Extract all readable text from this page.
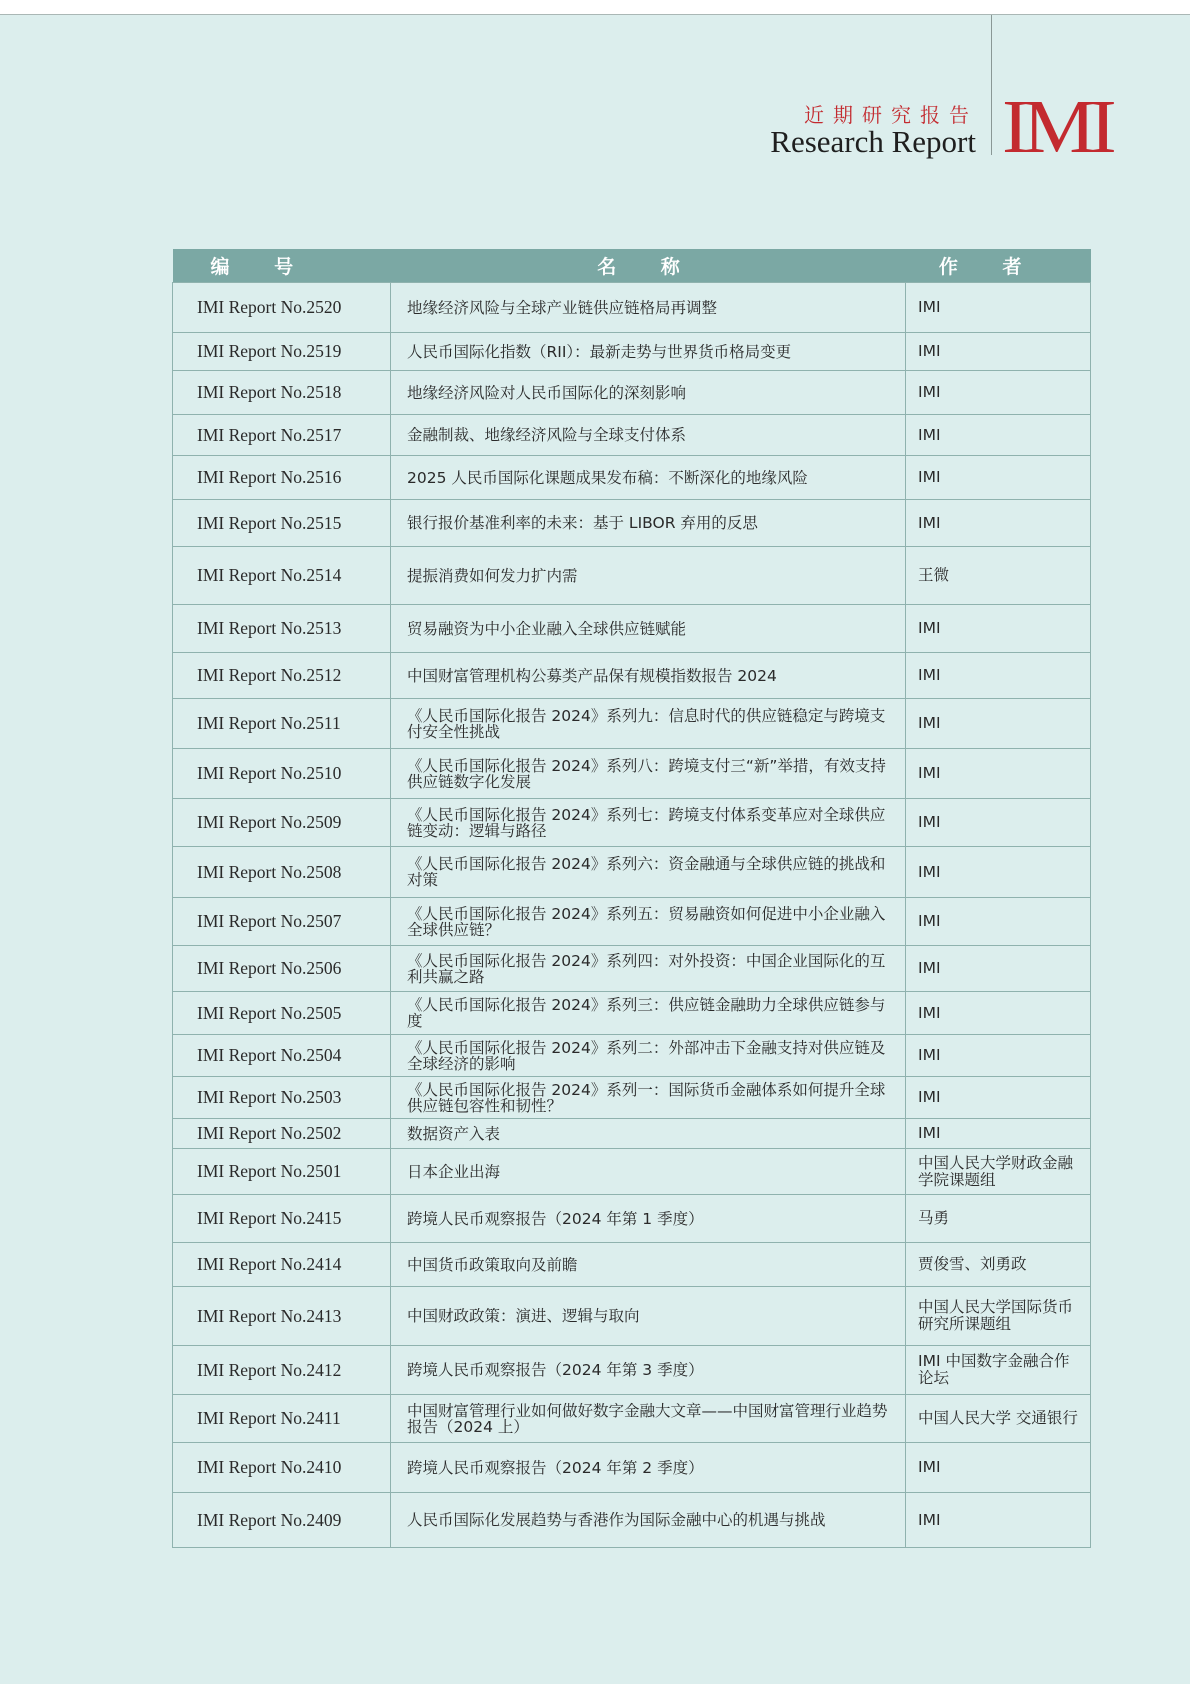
近期研究报告
Research Report IMI
编 号	名 称	作 者
IMI Report No.2520	地缘经济风险与全球产业链供应链格局再调整	IMI
IMI Report No.2519	人民币国际化指数（RII）：最新走势与世界货币格局变更	IMI
IMI Report No.2518	地缘经济风险对人民币国际化的深刻影响	IMI
IMI Report No.2517	金融制裁、地缘经济风险与全球支付体系	IMI
IMI Report No.2516	2025 人民币国际化课题成果发布稿：不断深化的地缘风险	IMI
IMI Report No.2515	银行报价基准利率的未来：基于 LIBOR 弃用的反思	IMI
IMI Report No.2514	提振消费如何发力扩内需	王微
IMI Report No.2513	贸易融资为中小企业融入全球供应链赋能	IMI
IMI Report No.2512	中国财富管理机构公募类产品保有规模指数报告 2024	IMI
IMI Report No.2511	《人民币国际化报告 2024》系列九：信息时代的供应链稳定与跨境支付安全性挑战	IMI
IMI Report No.2510	《人民币国际化报告 2024》系列八：跨境支付三“新”举措，有效支持供应链数字化发展	IMI
IMI Report No.2509	《人民币国际化报告 2024》系列七：跨境支付体系变革应对全球供应链变动：逻辑与路径	IMI
IMI Report No.2508	《人民币国际化报告 2024》系列六：资金融通与全球供应链的挑战和对策	IMI
IMI Report No.2507	《人民币国际化报告 2024》系列五：贸易融资如何促进中小企业融入全球供应链？	IMI
IMI Report No.2506	《人民币国际化报告 2024》系列四：对外投资：中国企业国际化的互利共赢之路	IMI
IMI Report No.2505	《人民币国际化报告 2024》系列三：供应链金融助力全球供应链参与度	IMI
IMI Report No.2504	《人民币国际化报告 2024》系列二：外部冲击下金融支持对供应链及全球经济的影响	IMI
IMI Report No.2503	《人民币国际化报告 2024》系列一：国际货币金融体系如何提升全球供应链包容性和韧性？	IMI
IMI Report No.2502	数据资产入表	IMI
IMI Report No.2501	日本企业出海	中国人民大学财政金融学院课题组
IMI Report No.2415	跨境人民币观察报告（2024 年第 1 季度）	马勇
IMI Report No.2414	中国货币政策取向及前瞻	贾俊雪、刘勇政
IMI Report No.2413	中国财政政策：演进、逻辑与取向	中国人民大学国际货币研究所课题组
IMI Report No.2412	跨境人民币观察报告（2024 年第 3 季度）	IMI 中国数字金融合作论坛
IMI Report No.2411	中国财富管理行业如何做好数字金融大文章——中国财富管理行业趋势报告（2024 上）	中国人民大学 交通银行
IMI Report No.2410	跨境人民币观察报告（2024 年第 2 季度）	IMI
IMI Report No.2409	人民币国际化发展趋势与香港作为国际金融中心的机遇与挑战	IMI
